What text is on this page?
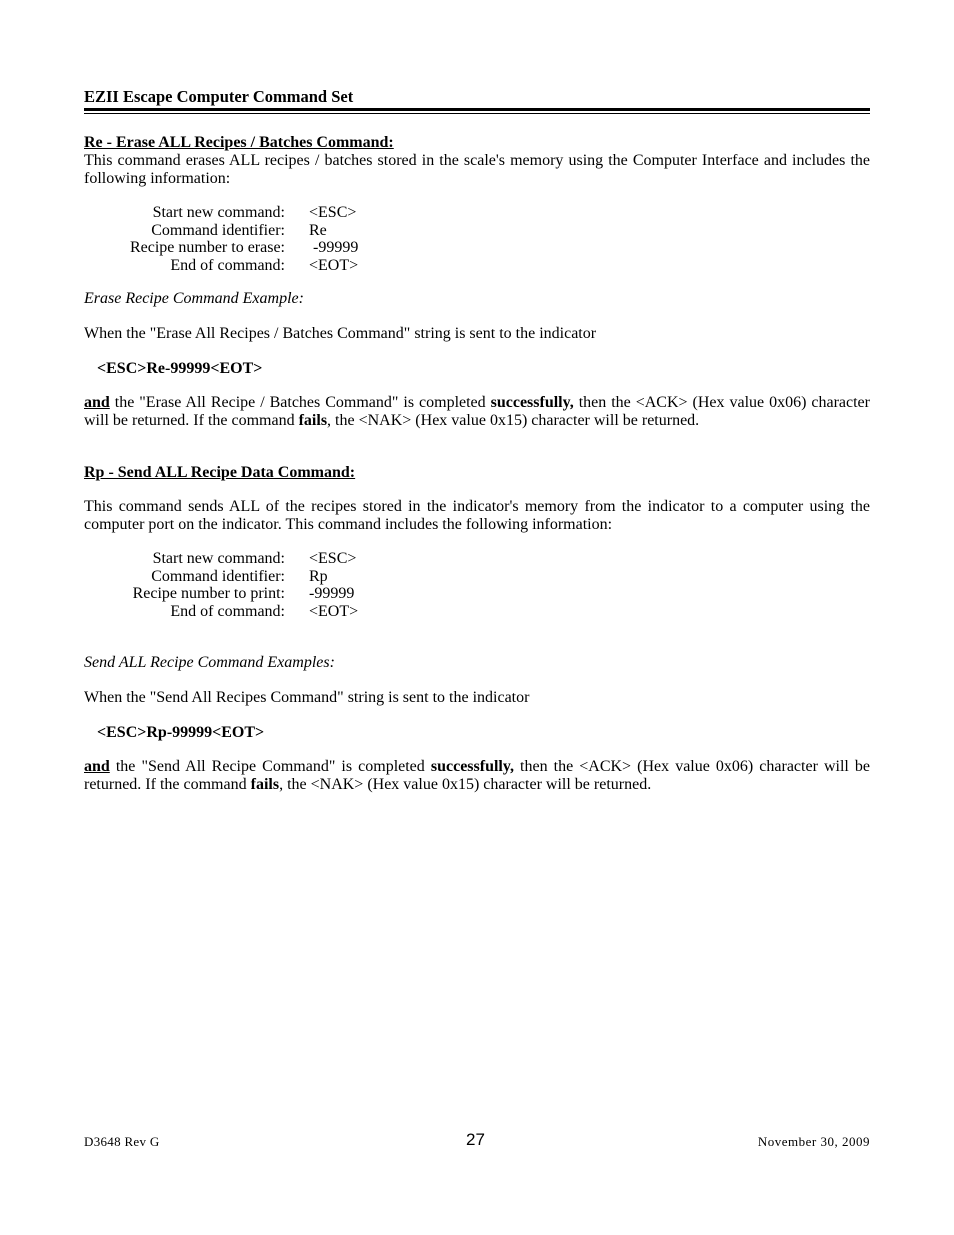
EZII Escape Computer Command Set
Re - Erase ALL Recipes / Batches Command:
This command erases ALL recipes / batches stored in the scale's memory using the Computer Interface and includes the following information:
Start new command: <ESC>
Command identifier: Re
Recipe number to erase: -99999
End of command: <EOT>
Erase Recipe Command Example:
When the "Erase All Recipes / Batches Command" string is sent to the indicator
<ESC>Re-99999<EOT>
and the "Erase All Recipe / Batches Command" is completed successfully, then the <ACK> (Hex value 0x06) character will be returned. If the command fails, the <NAK> (Hex value 0x15) character will be returned.
Rp - Send ALL Recipe Data Command:
This command sends ALL of the recipes stored in the indicator's memory from the indicator to a computer using the computer port on the indicator. This command includes the following information:
Start new command: <ESC>
Command identifier: Rp
Recipe number to print: -99999
End of command: <EOT>
Send ALL Recipe Command Examples:
When the "Send All Recipes Command" string is sent to the indicator
<ESC>Rp-99999<EOT>
and the "Send All Recipe Command" is completed successfully, then the <ACK> (Hex value 0x06) character will be returned. If the command fails, the <NAK> (Hex value 0x15) character will be returned.
D3648 Rev G	27	November 30, 2009
